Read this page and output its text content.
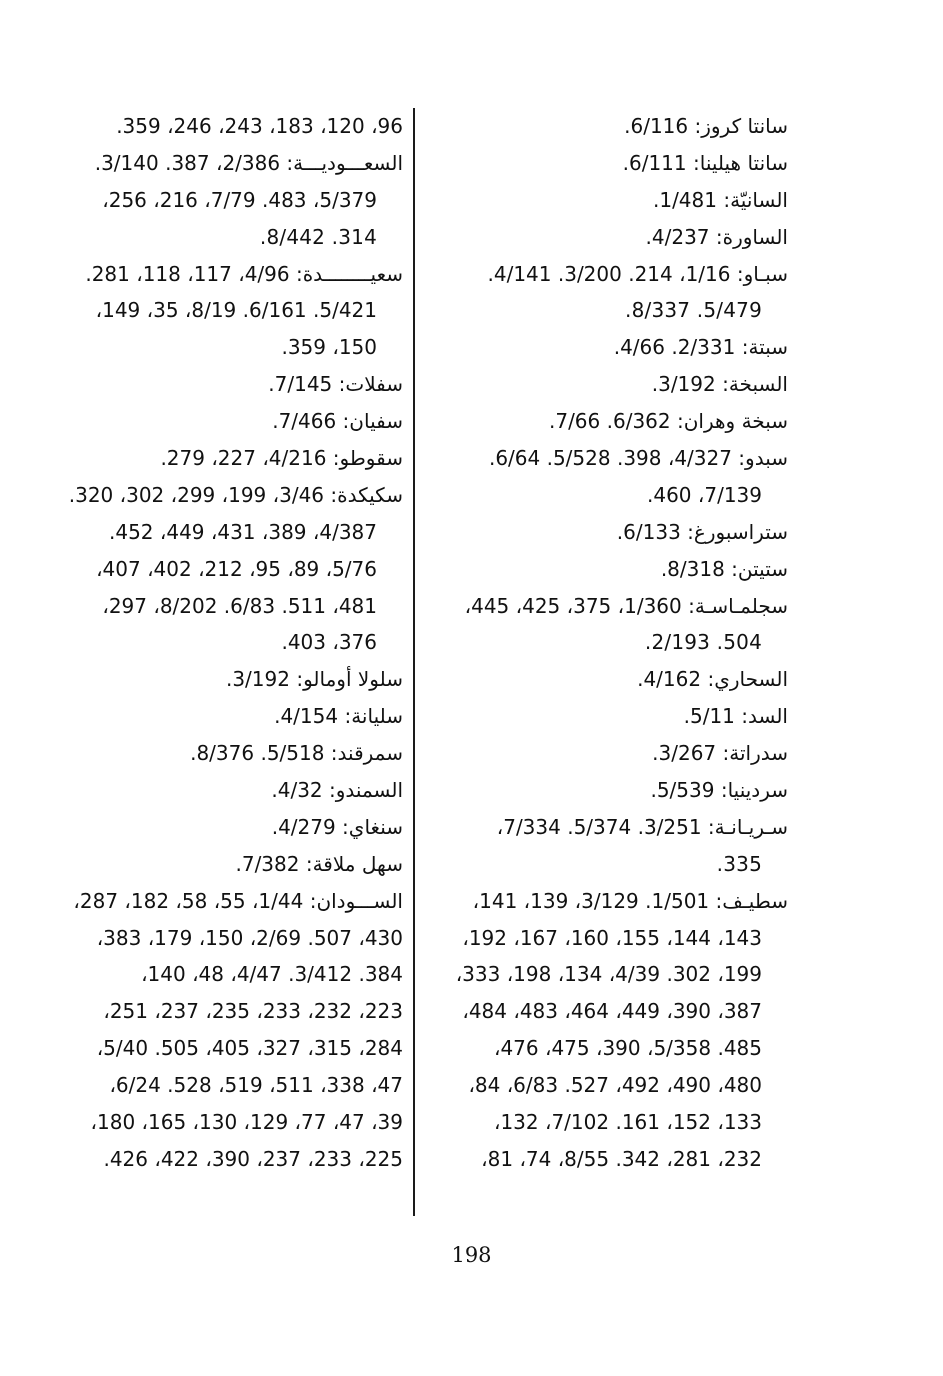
سانتا كروز: 6/116.
سانتا هيلينا: 6/111.
السانيّة: 1/481.
الساورة: 4/237.
سبـاو: 1/16، 214. 3/200. 4/141.
5/479. 8/337.
سبتة: 2/331. 4/66.
السبخة: 3/192.
سبخة وهران: 6/362. 7/66.
سبدو: 4/327، 398. 5/528. 6/64.
7/139، 460.
ستراسبورغ: 6/133.
ستيتن: 8/318.
سجلمـاسـة: 1/360، 375، 425، 445،
504. 2/193.
السحاري: 4/162.
السد: 5/11.
سدراتة: 3/267.
سردينيا: 5/539.
سـريـانـة: 3/251. 5/374. 7/334،
335.
سطيـف: 1/501. 3/129، 139، 141،
143، 144، 155، 160، 167، 192،
199، 302. 4/39، 134، 198، 333،
387، 390، 449، 464، 483، 484،
485. 5/358، 390، 475، 476،
480، 490، 492، 527. 6/83، 84،
133، 152، 161. 7/102، 132،
232، 281، 342. 8/55، 74، 81،
96، 120، 183، 243، 246، 359.
السعـــوديـــة: 2/386، 387. 3/140.
5/379، 483. 7/79، 216، 256،
314. 8/442.
سعيــــــــدة: 4/96، 117، 118، 281.
5/421. 6/161. 8/19، 35، 149،
150، 359.
سفلات: 7/145.
سفيان: 7/466.
سقوطو: 4/216، 227، 279.
سكيكدة: 3/46، 199، 299، 302، 320.
4/387، 389، 431، 449، 452.
5/76، 89، 95، 212، 402، 407،
481، 511. 6/83. 8/202، 297،
376، 403.
سلولا أومالو: 3/192.
سليانة: 4/154.
سمرقند: 5/518. 8/376.
السمندو: 4/32.
سنغاي: 4/279.
سهل ملاقة: 7/382.
الســـودان: 1/44، 55، 58، 182، 287،
430، 507. 2/69، 150، 179، 383،
384. 3/412. 4/47، 48، 140،
223، 232، 233، 235، 237، 251،
284، 315، 327، 405، 505. 5/40،
47، 338، 511، 519، 528. 6/24،
39، 47، 77، 129، 130، 165، 180،
225، 233، 237، 390، 422، 426.
198
